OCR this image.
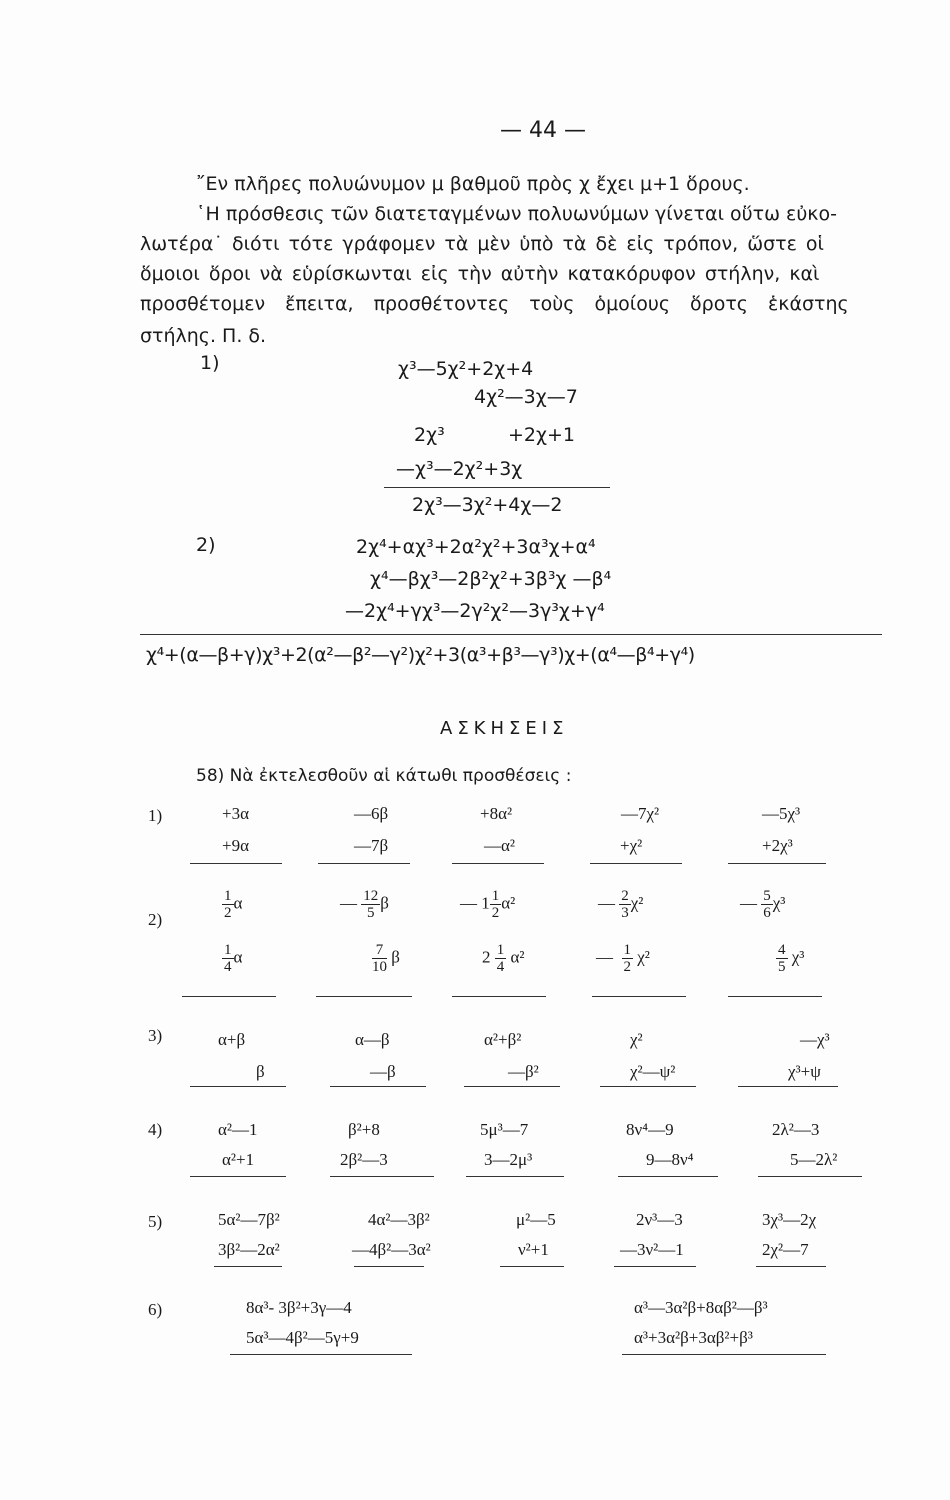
— 44 —
῎Εν πλῆρες πολυώνυμον μ βαθμοῦ πρὸς χ ἔχει μ+1 ὅρους.
῾Η πρόσθεσις τῶν διατεταγμένων πολυωνύμων γίνεται οὕτω εὐκο-
λωτέρα˙ διότι τότε γράφομεν τὰ μὲν ὑπὸ τὰ δὲ εἰς τρόπον, ὥστε οἱ
ὅμοιοι ὅροι νὰ εὑρίσκωνται εἰς τὴν αὐτὴν κατακόρυφον στήλην, καὶ
προσθέτομεν ἔπειτα, προσθέτοντες τοὺς ὁμοίους ὅροτς ἑκάστης
στήλης. Π. δ.
1)	χ³—5χ²+2χ+4
4χ²—3χ—7
2χ³	+2χ+1
—χ³—2χ²+3χ
2χ³—3χ²+4χ—2
2)	2χ⁴+αχ³+2α²χ²+3α³χ+α⁴
χ⁴—βχ³—2β²χ²+3β³χ —β⁴
—2χ⁴+γχ³—2γ²χ²—3γ³χ+γ⁴
χ⁴+(α—β+γ)χ³+2(α²—β²—γ²)χ²+3(α³+β³—γ³)χ+(α⁴—β⁴+γ⁴)
ΑΣΚΗΣΕΙΣ
58) Νὰ ἐκτελεσθοῦν αἱ κάτωθι προσθέσεις :
1)	+3α	—6β	+8α²	—7χ²	—5χ³
+9α	—7β	—α²	+χ²	+2χ³
2)	$\frac{1}{2}$ α	— $\frac{12}{5}$ β	— $1 \frac{1}{2} \alpha^2$	— $\frac{2}{3} \chi^2$	— $\frac{5}{6} \chi^3$
$\frac{1}{4}$ α	$\frac{7}{10}$ β	$2 \frac{1}{4} \alpha^2$	— $\frac{1}{2} \chi^2$	$\frac{4}{5} \chi^3$
3)	α+β	α—β	α²+β²	χ²	—χ³
β	—β	—β²	χ²—ψ²	χ³+ψ
4)	α²—1	β²+8	5μ³—7	8ν⁴—9	2λ²—3
α²+1	2β²—3	3—2μ³	9—8ν⁴	5—2λ²
5)	5α²—7β²	4α²—3β²	μ²—5	2ν³—3	3χ³—2χ
3β²—2α²	—4β²—3α²	ν²+1	—3ν²—1	2χ²—7
6)	8α³- 3β²+3γ—4	α³—3α²β+8αβ²—β³
5α³—4β²—5γ+9	α³+3α²β+3αβ²+β³
